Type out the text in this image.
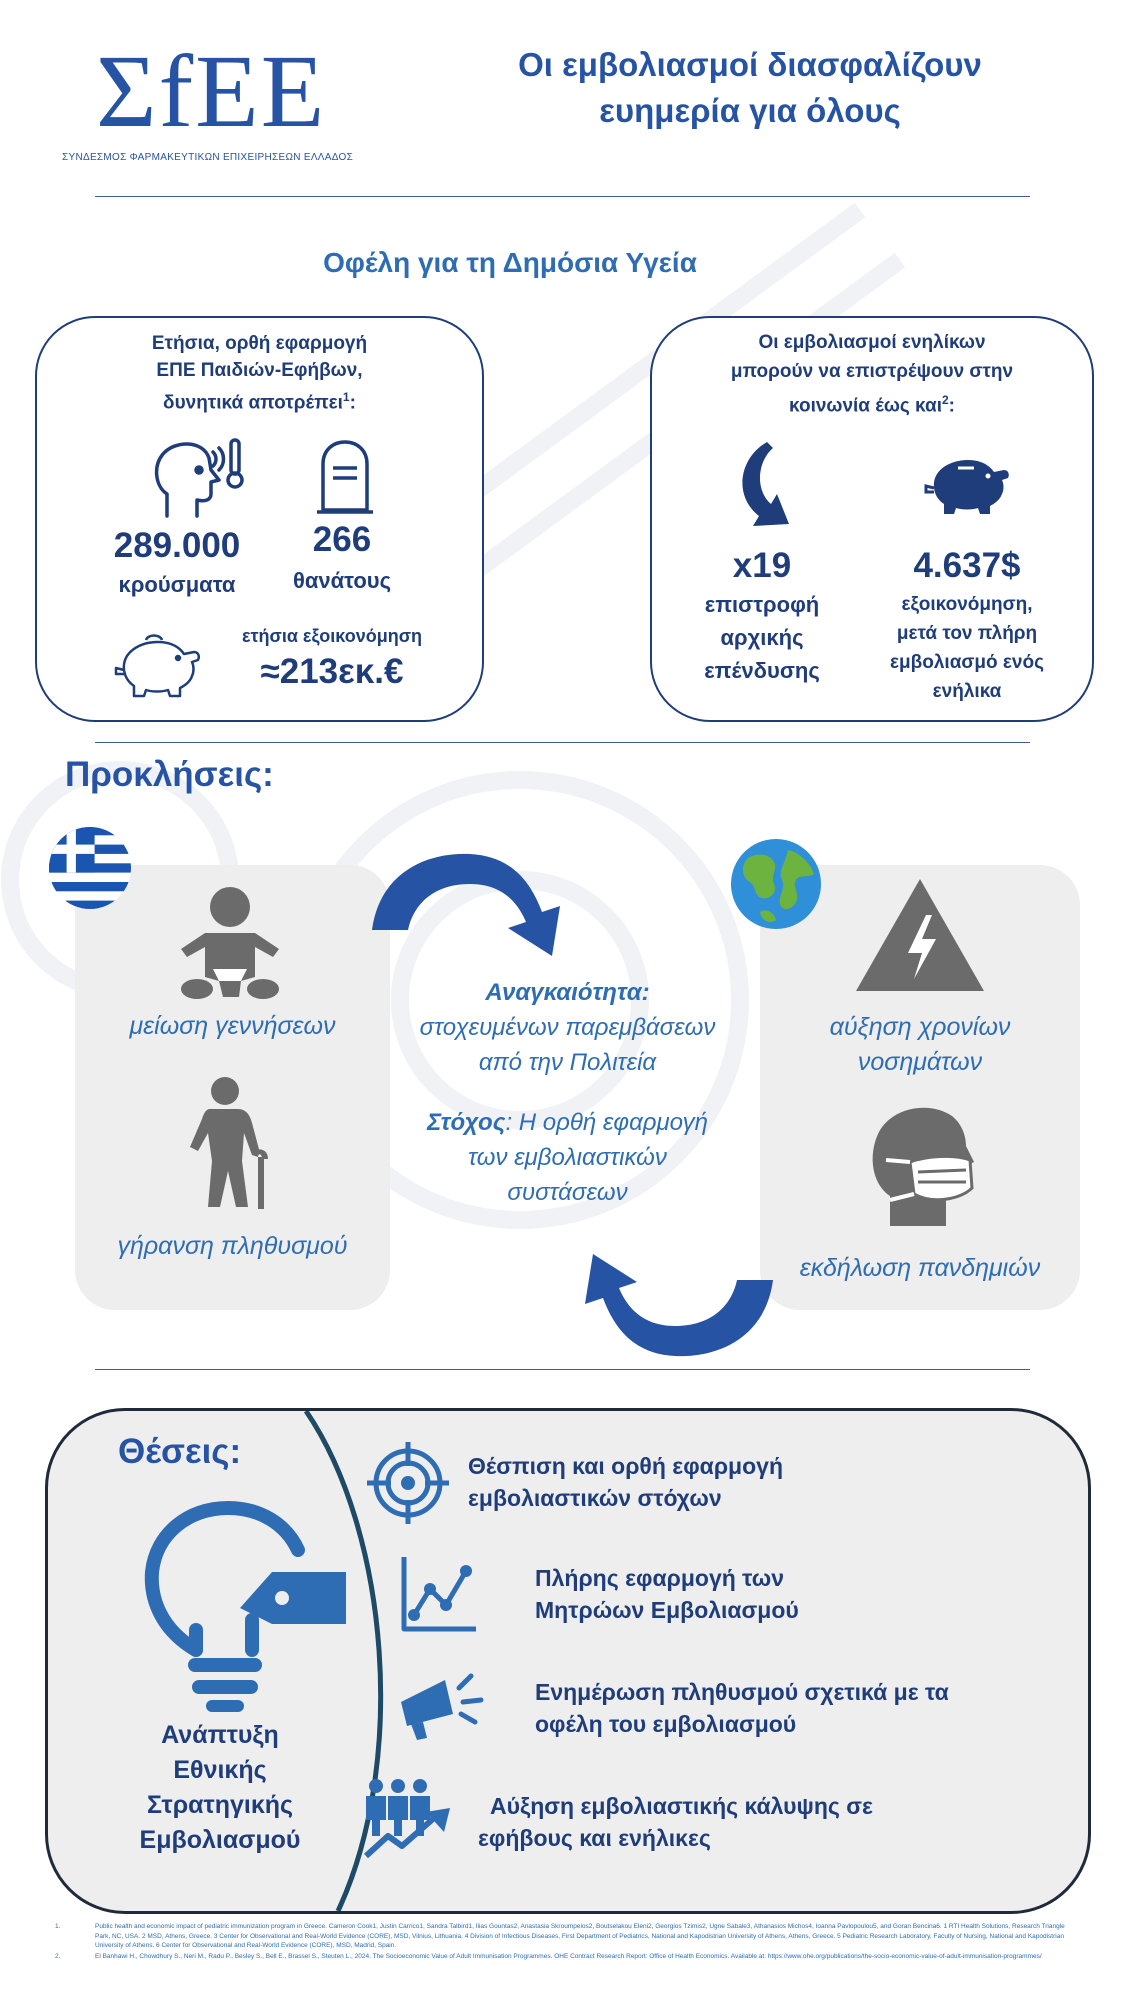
ΣfEE
ΣΥΝΔΕΣΜΟΣ ΦΑΡΜΑΚΕΥΤΙΚΩΝ ΕΠΙΧΕΙΡΗΣΕΩΝ ΕΛΛΑΔΟΣ
Οι εμβολιασμοί διασφαλίζουν
ευημερία για όλους
Οφέλη για τη Δημόσια Υγεία
Ετήσια, ορθή εφαρμογή
ΕΠΕ Παιδιών-Εφήβων,
δυνητικά αποτρέπει$^1$:
289.000
κρούσματα
266
θανάτους
ετήσια εξοικονόμηση
≈213εκ.€
Οι εμβολιασμοί ενηλίκων
μπορούν να επιστρέψουν στην
κοινωνία έως και$^2$:
x19
επιστροφή
αρχικής
επένδυσης
4.637$
εξοικονόμηση,
μετά τον πλήρη
εμβολιασμό ενός
ενήλικα
Προκλήσεις:
μείωση γεννήσεων
γήρανση πληθυσμού
Αναγκαιότητα:
στοχευμένων παρεμβάσεων
από την Πολιτεία
Στόχος: Η ορθή εφαρμογή
των εμβολιαστικών
συστάσεων
αύξηση χρονίων
νοσημάτων
εκδήλωση πανδημιών
Θέσεις:
Ανάπτυξη
Εθνικής
Στρατηγικής
Εμβολιασμού
Θέσπιση και ορθή εφαρμογή
εμβολιαστικών στόχων
Πλήρης εφαρμογή των
Μητρώων Εμβολιασμού
Ενημέρωση πληθυσμού σχετικά με τα
οφέλη του εμβολιασμού
Αύξηση εμβολιαστικής κάλυψης σε
εφήβους και ενήλικες
1.	Public health and economic impact of pediatric immunization program in Greece. Cameron Cook1, Justin Carrico1, Sandra Talbird1, Ilias Gountas2, Anastasia Skroumpelos2, Boutselakou Eleni2, Georgios Tzimis2, Ugne Sabale3, Athanasios Michos4, Ioanna Pavlopoulou5, and Goran Bencina6. 1 RTI Health Solutions, Research Triangle Park, NC, USA. 2 MSD, Athens, Greece. 3 Center for Observational and Real-World Evidence (CORE), MSD, Vilnius, Lithuania. 4 Division of Infectious Diseases, First Department of Pediatrics, National and Kapodistrian University of Athens, Athens, Greece. 5 Pediatric Research Laboratory, Faculty of Nursing, National and Kapodistrian University of Athens. 6 Center for Observational and Real-World Evidence (CORE), MSD, Madrid, Spain.
2.	El Banhawi H., Chowdhury S., Neri M., Radu P., Besley S., Bell E., Brassel S., Steuten L., 2024. The Socioeconomic Value of Adult Immunisation Programmes. OHE Contract Research Report: Office of Health Economics. Available at: https://www.ohe.org/publications/the-socio-economic-value-of-adult-immunisation-programmes/
